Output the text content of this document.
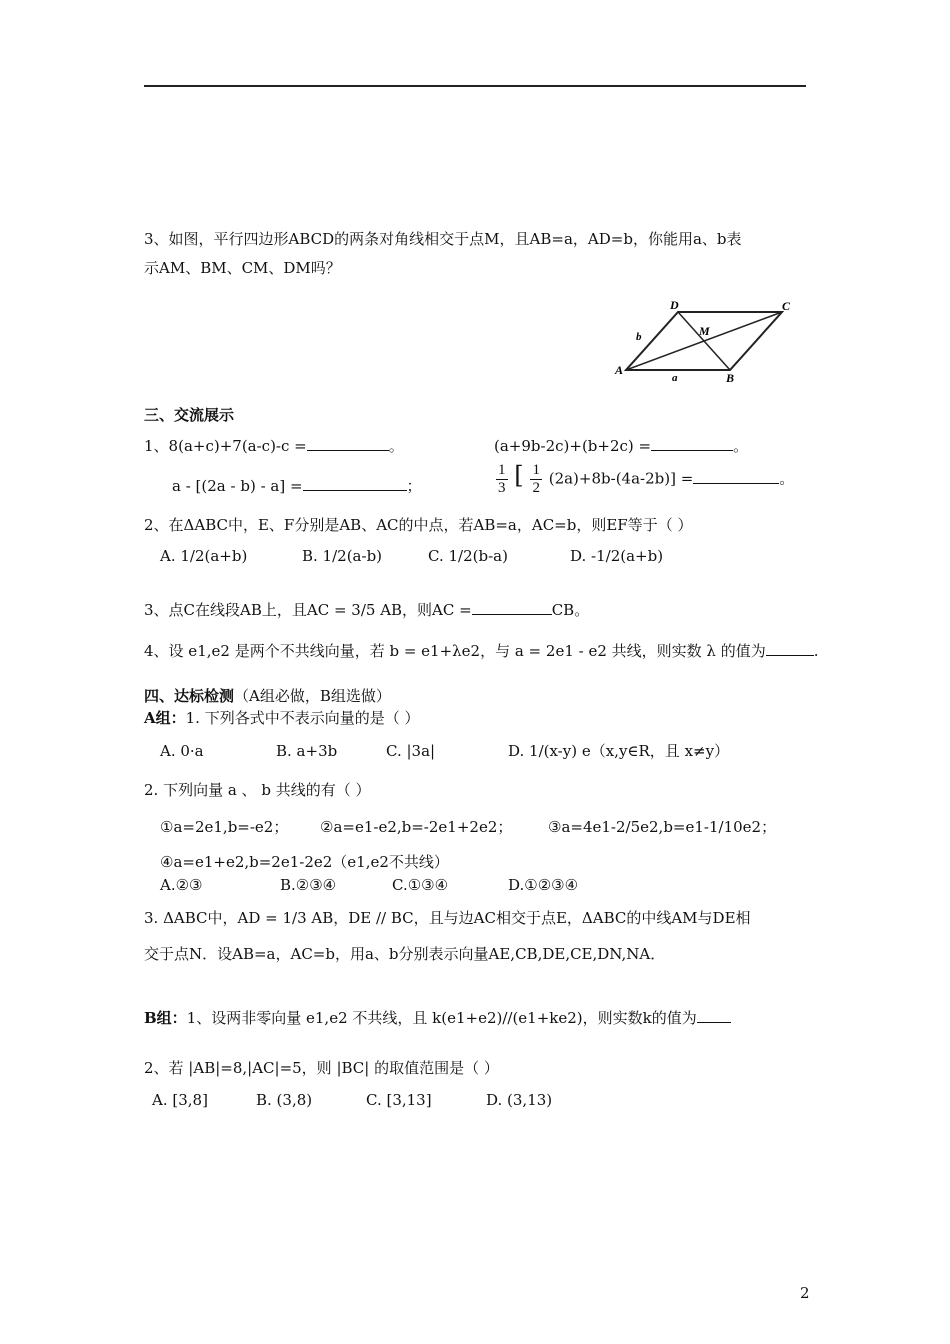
3、如图，平行四边形ABCD的两条对角线相交于点M，且AB=a，AD=b，你能用a、b表
示AM、BM、CM、DM吗？
A
B
C
D
M
a
b
三、交流展示
1、8(a+c)+7(a-c)-c =	。	(a+9b-2c)+(b+2c) =	。
a - [(2a - b) - a] =	；	$\frac{1}{3}$ [ $\frac{1}{2} (2a)+8b-(4a-2b)$] =	。
2、在ΔABC中，E、F分别是AB、AC的中点，若AB=a，AC=b，则EF等于（ ）
A. 1/2(a+b)	B. 1/2(a-b)	C. 1/2(b-a)	D. -1/2(a+b)
3、点C在线段AB上，且AC = 3/5 AB，则AC =	CB。
4、设 e1,e2 是两个不共线向量，若 b = e1+λe2，与 a = 2e1 - e2 共线，则实数 λ 的值为	.
四、达标检测（A组必做，B组选做）
A组：1. 下列各式中不表示向量的是（ ）
A. 0·a	B. a+3b	C. |3a|	D. 1/(x-y) e（x,y∈R，且 x≠y）
2. 下列向量 a 、 b 共线的有（ ）
①a=2e1,b=-e2； ②a=e1-e2,b=-2e1+2e2； ③a=4e1-2/5e2,b=e1-1/10e2；
④a=e1+e2,b=2e1-2e2（e1,e2不共线）
A.②③	B.②③④	C.①③④	D.①②③④
3. ΔABC中，AD = 1/3 AB，DE // BC，且与边AC相交于点E，ΔABC的中线AM与DE相
交于点N．设AB=a，AC=b，用a、b分别表示向量AE,CB,DE,CE,DN,NA．
B组：1、设两非零向量 e1,e2 不共线，且 k(e1+e2)//(e1+ke2)，则实数k的值为
2、若 |AB|=8,|AC|=5，则 |BC| 的取值范围是（ ）
A. [3,8]	B. (3,8)	C. [3,13]	D. (3,13)
2
